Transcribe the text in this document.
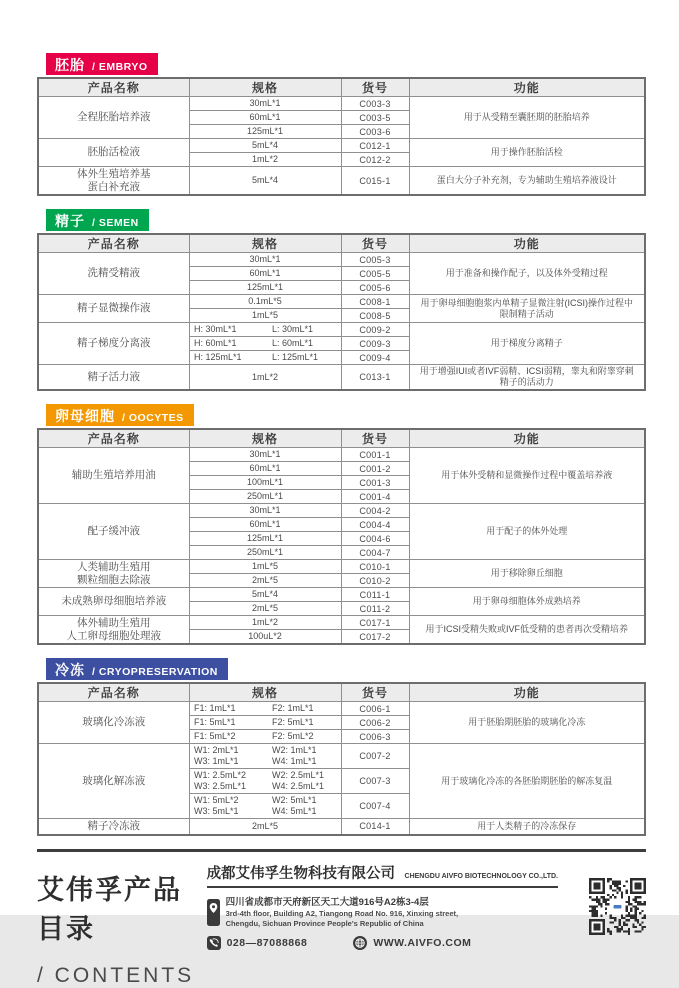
胚胎 / EMBRYO
产品名称	规格	货号	功能
全程胚胎培养液	30mL*1	C003-3	用于从受精至囊胚期的胚胎培养

	60mL*1	C003-5	

	125mL*1	C003-6	
胚胎活检液	5mL*4	C012-1	用于操作胚胎活检

	1mL*2	C012-2	
体外生殖培养基
蛋白补充液	5mL*4	C015-1	蛋白大分子补充剂，专为辅助生殖培养液设计
精子 / SEMEN
产品名称	规格	货号	功能
洗精受精液	30mL*1	C005-3	用于准备和操作配子，以及体外受精过程

	60mL*1	C005-5	

	125mL*1	C005-6	
精子显微操作液	0.1mL*5	C008-1	用于卵母细胞胞浆内单精子显微注射(ICSI)操作过程中限制精子活动

	1mL*5	C008-5	
精子梯度分离液	H: 30mL*1 L: 30mL*1	C009-2	用于梯度分离精子

	H: 60mL*1 L: 60mL*1	C009-3	

	H: 125mL*1 L: 125mL*1	C009-4	
精子活力液	1mL*2	C013-1	用于增强IUI或者IVF弱精、ICSI弱精，睾丸和附睾穿刺精子的活动力
卵母细胞 / OOCYTES
产品名称	规格	货号	功能
辅助生殖培养用油	30mL*1	C001-1	用于体外受精和显微操作过程中覆盖培养液

	60mL*1	C001-2	

	100mL*1	C001-3	

	250mL*1	C001-4	
配子缓冲液	30mL*1	C004-2	用于配子的体外处理

	60mL*1	C004-4	

	125mL*1	C004-6	

	250mL*1	C004-7	
人类辅助生殖用
颗粒细胞去除液	1mL*5	C010-1	用于移除卵丘细胞

	2mL*5	C010-2	
未成熟卵母细胞培养液	5mL*4	C011-1	用于卵母细胞体外成熟培养

	2mL*5	C011-2	
体外辅助生殖用
人工卵母细胞处理液	1mL*2	C017-1	用于ICSI受精失败或IVF低受精的患者再次受精培养

	100uL*2	C017-2	
冷冻 / CRYOPRESERVATION
产品名称	规格	货号	功能
玻璃化冷冻液	F1: 1mL*1 F2: 1mL*1	C006-1	用于胚胎期胚胎的玻璃化冷冻

	F1: 5mL*1 F2: 5mL*1	C006-2	

	F1: 5mL*2 F2: 5mL*2	C006-3	
玻璃化解冻液	W1: 2mL*1 W2: 1mL*1
W3: 1mL*1 W4: 1mL*1	C007-2	用于玻璃化冷冻的各胚胎期胚胎的解冻复温

	W1: 2.5mL*2 W2: 2.5mL*1
W3: 2.5mL*1 W4: 2.5mL*1	C007-3	

	W1: 5mL*2 W2: 5mL*1
W3: 5mL*1 W4: 5mL*1	C007-4	
精子冷冻液	2mL*5	C014-1	用于人类精子的冷冻保存
艾伟孚产品目录
/ CONTENTS
成都艾伟孚生物科技有限公司 CHENGDU AIVFO BIOTECHNOLOGY CO.,LTD.
四川省成都市天府新区天工大道916号A2栋3-4层
3rd-4th floor, Building A2, Tiangong Road No. 916, Xinxing street,
Chengdu, Sichuan Province People's Republic of China
028—87088868	WWW.AIVFO.COM
